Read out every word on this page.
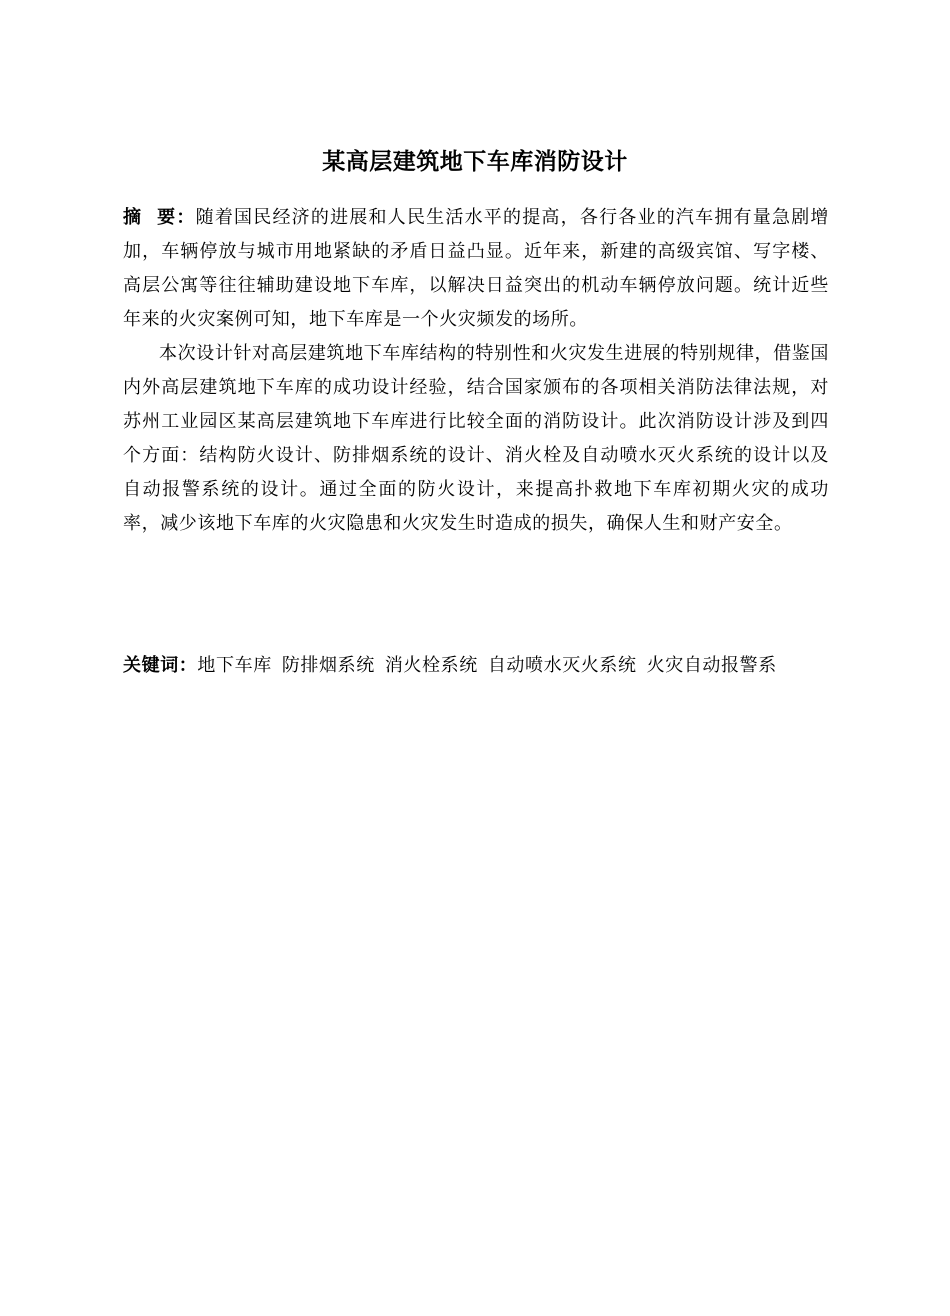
某高层建筑地下车库消防设计

摘  要：随着国民经济的进展和人民生活水平的提高，各行各业的汽车拥有量急剧增加，车辆停放与城市用地紧缺的矛盾日益凸显。近年来，新建的高级宾馆、写字楼、高层公寓等往往辅助建设地下车库，以解决日益突出的机动车辆停放问题。统计近些年来的火灾案例可知，地下车库是一个火灾频发的场所。

本次设计针对高层建筑地下车库结构的特别性和火灾发生进展的特别规律，借鉴国内外高层建筑地下车库的成功设计经验，结合国家颁布的各项相关消防法律法规，对苏州工业园区某高层建筑地下车库进行比较全面的消防设计。此次消防设计涉及到四个方面：结构防火设计、防排烟系统的设计、消火栓及自动喷水灭火系统的设计以及自动报警系统的设计。通过全面的防火设计，来提高扑救地下车库初期火灾的成功率，减少该地下车库的火灾隐患和火灾发生时造成的损失，确保人生和财产安全。

关键词：地下车库 防排烟系统 消火栓系统 自动喷水灭火系统 火灾自动报警系
